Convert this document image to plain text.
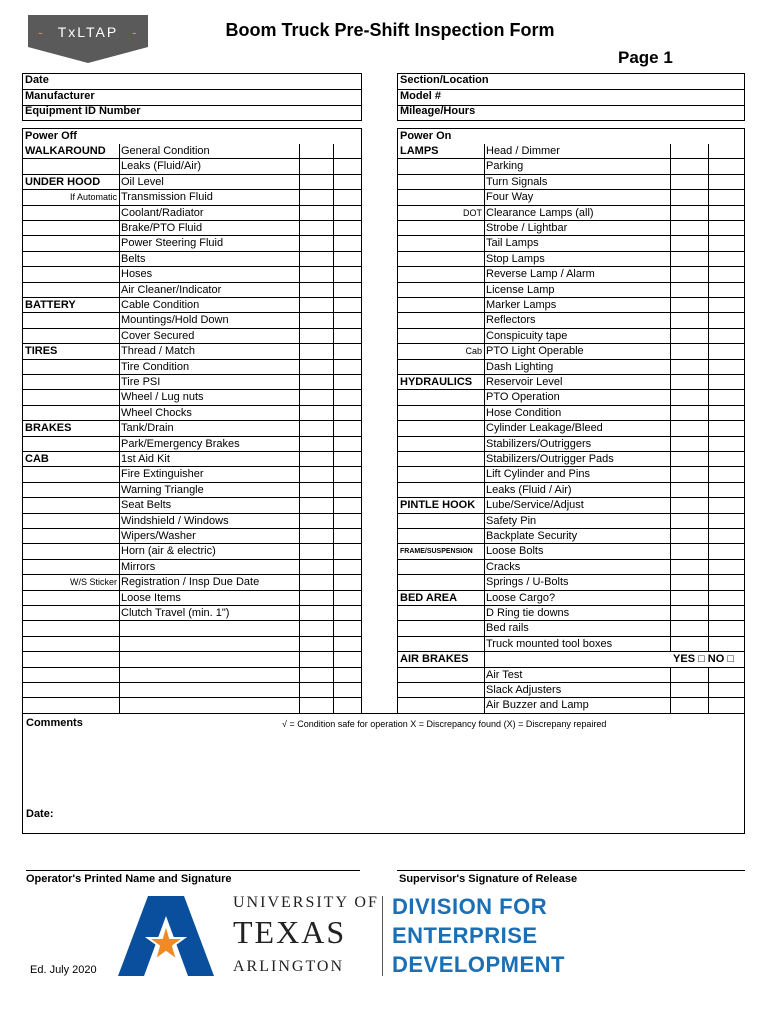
- TxLTAP -	Boom Truck Pre-Shift Inspection Form
Page 1
Date
Manufacturer
Equipment ID Number
Section/Location
Model #
Mileage/Hours
Power Off
WALKAROUND	General Condition
Leaks (Fluid/Air)
UNDER HOOD	Oil Level
If Automatic Transmission Fluid
Coolant/Radiator
Brake/PTO Fluid
Power Steering Fluid
Belts
Hoses
Air Cleaner/Indicator
BATTERY	Cable Condition
Mountings/Hold Down
Cover Secured
TIRES	Thread / Match
Tire Condition
Tire PSI
Wheel / Lug nuts
Wheel Chocks
BRAKES	Tank/Drain
Park/Emergency Brakes
CAB	1st Aid Kit
Fire Extinguisher
Warning Triangle
Seat Belts
Windshield / Windows
Wipers/Washer
Horn (air & electric)
Mirrors
W/S Sticker Registration / Insp Due Date
Loose Items
Clutch Travel (min. 1")
Power On
LAMPS	Head / Dimmer
Parking
Turn Signals
Four Way
DOT Clearance Lamps (all)
Strobe / Lightbar
Tail Lamps
Stop Lamps
Reverse Lamp / Alarm
License Lamp
Marker Lamps
Reflectors
Conspicuity tape
Cab PTO Light Operable
Dash Lighting
HYDRAULICS	Reservoir Level
PTO Operation
Hose Condition
Cylinder Leakage/Bleed
Stabilizers/Outriggers
Stabilizers/Outrigger Pads
Lift Cylinder and Pins
Leaks (Fluid / Air)
PINTLE HOOK Lube/Service/Adjust
Safety Pin
Backplate Security
FRAME/SUSPENSION	Loose Bolts
Cracks
Springs / U-Bolts
BED AREA	Loose Cargo?
D Ring tie downs
Bed rails
Truck mounted tool boxes
AIR BRAKES	YES □ NO □
Air Test
Slack Adjusters
Air Buzzer and Lamp
Comments	√ = Condition safe for operation X = Discrepancy found (X) = Discrepany repaired
Date:
Operator's Printed Name and Signature	Supervisor's Signature of Release
Ed. July 2020
UNIVERSITY OF
TEXAS
ARLINGTON
DIVISION FOR
ENTERPRISE
DEVELOPMENT
